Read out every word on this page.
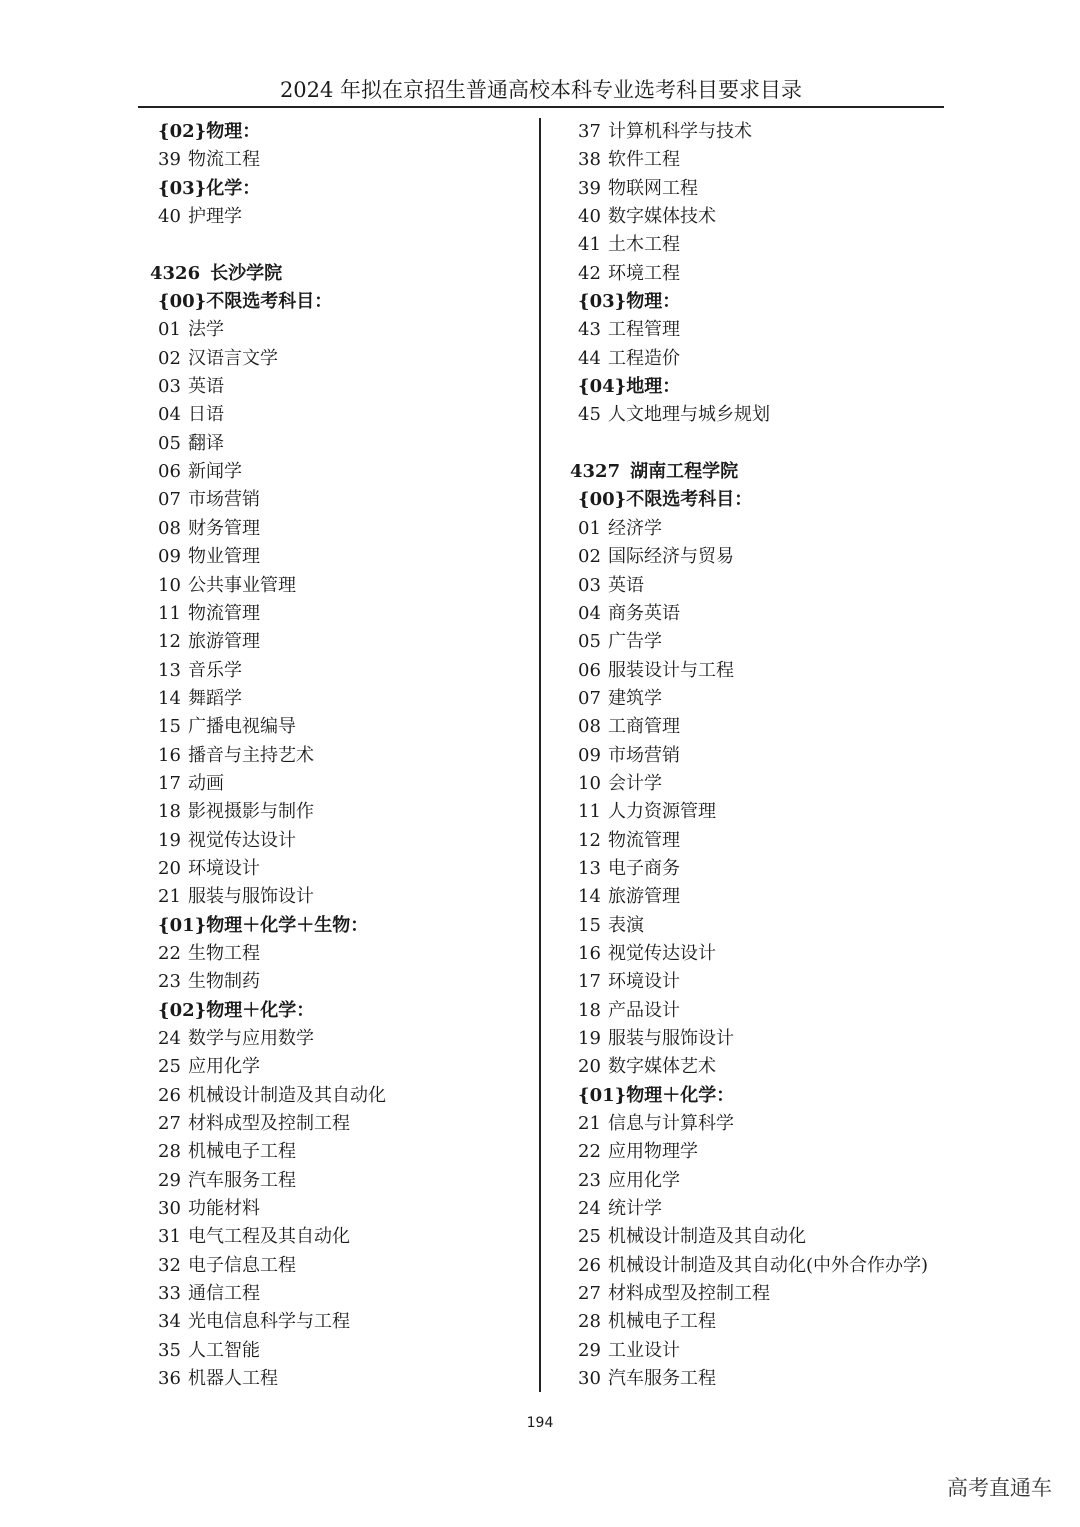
2024 年拟在京招生普通高校本科专业选考科目要求目录
{02}物理：
39 物流工程
{03}化学：
40 护理学
4326 长沙学院
{00}不限选考科目：
01 法学
02 汉语言文学
03 英语
04 日语
05 翻译
06 新闻学
07 市场营销
08 财务管理
09 物业管理
10 公共事业管理
11 物流管理
12 旅游管理
13 音乐学
14 舞蹈学
15 广播电视编导
16 播音与主持艺术
17 动画
18 影视摄影与制作
19 视觉传达设计
20 环境设计
21 服装与服饰设计
{01}物理＋化学＋生物：
22 生物工程
23 生物制药
{02}物理＋化学：
24 数学与应用数学
25 应用化学
26 机械设计制造及其自动化
27 材料成型及控制工程
28 机械电子工程
29 汽车服务工程
30 功能材料
31 电气工程及其自动化
32 电子信息工程
33 通信工程
34 光电信息科学与工程
35 人工智能
36 机器人工程
37 计算机科学与技术
38 软件工程
39 物联网工程
40 数字媒体技术
41 土木工程
42 环境工程
{03}物理：
43 工程管理
44 工程造价
{04}地理：
45 人文地理与城乡规划
4327 湖南工程学院
{00}不限选考科目：
01 经济学
02 国际经济与贸易
03 英语
04 商务英语
05 广告学
06 服装设计与工程
07 建筑学
08 工商管理
09 市场营销
10 会计学
11 人力资源管理
12 物流管理
13 电子商务
14 旅游管理
15 表演
16 视觉传达设计
17 环境设计
18 产品设计
19 服装与服饰设计
20 数字媒体艺术
{01}物理＋化学：
21 信息与计算科学
22 应用物理学
23 应用化学
24 统计学
25 机械设计制造及其自动化
26 机械设计制造及其自动化(中外合作办学)
27 材料成型及控制工程
28 机械电子工程
29 工业设计
30 汽车服务工程
194
高考直通车
